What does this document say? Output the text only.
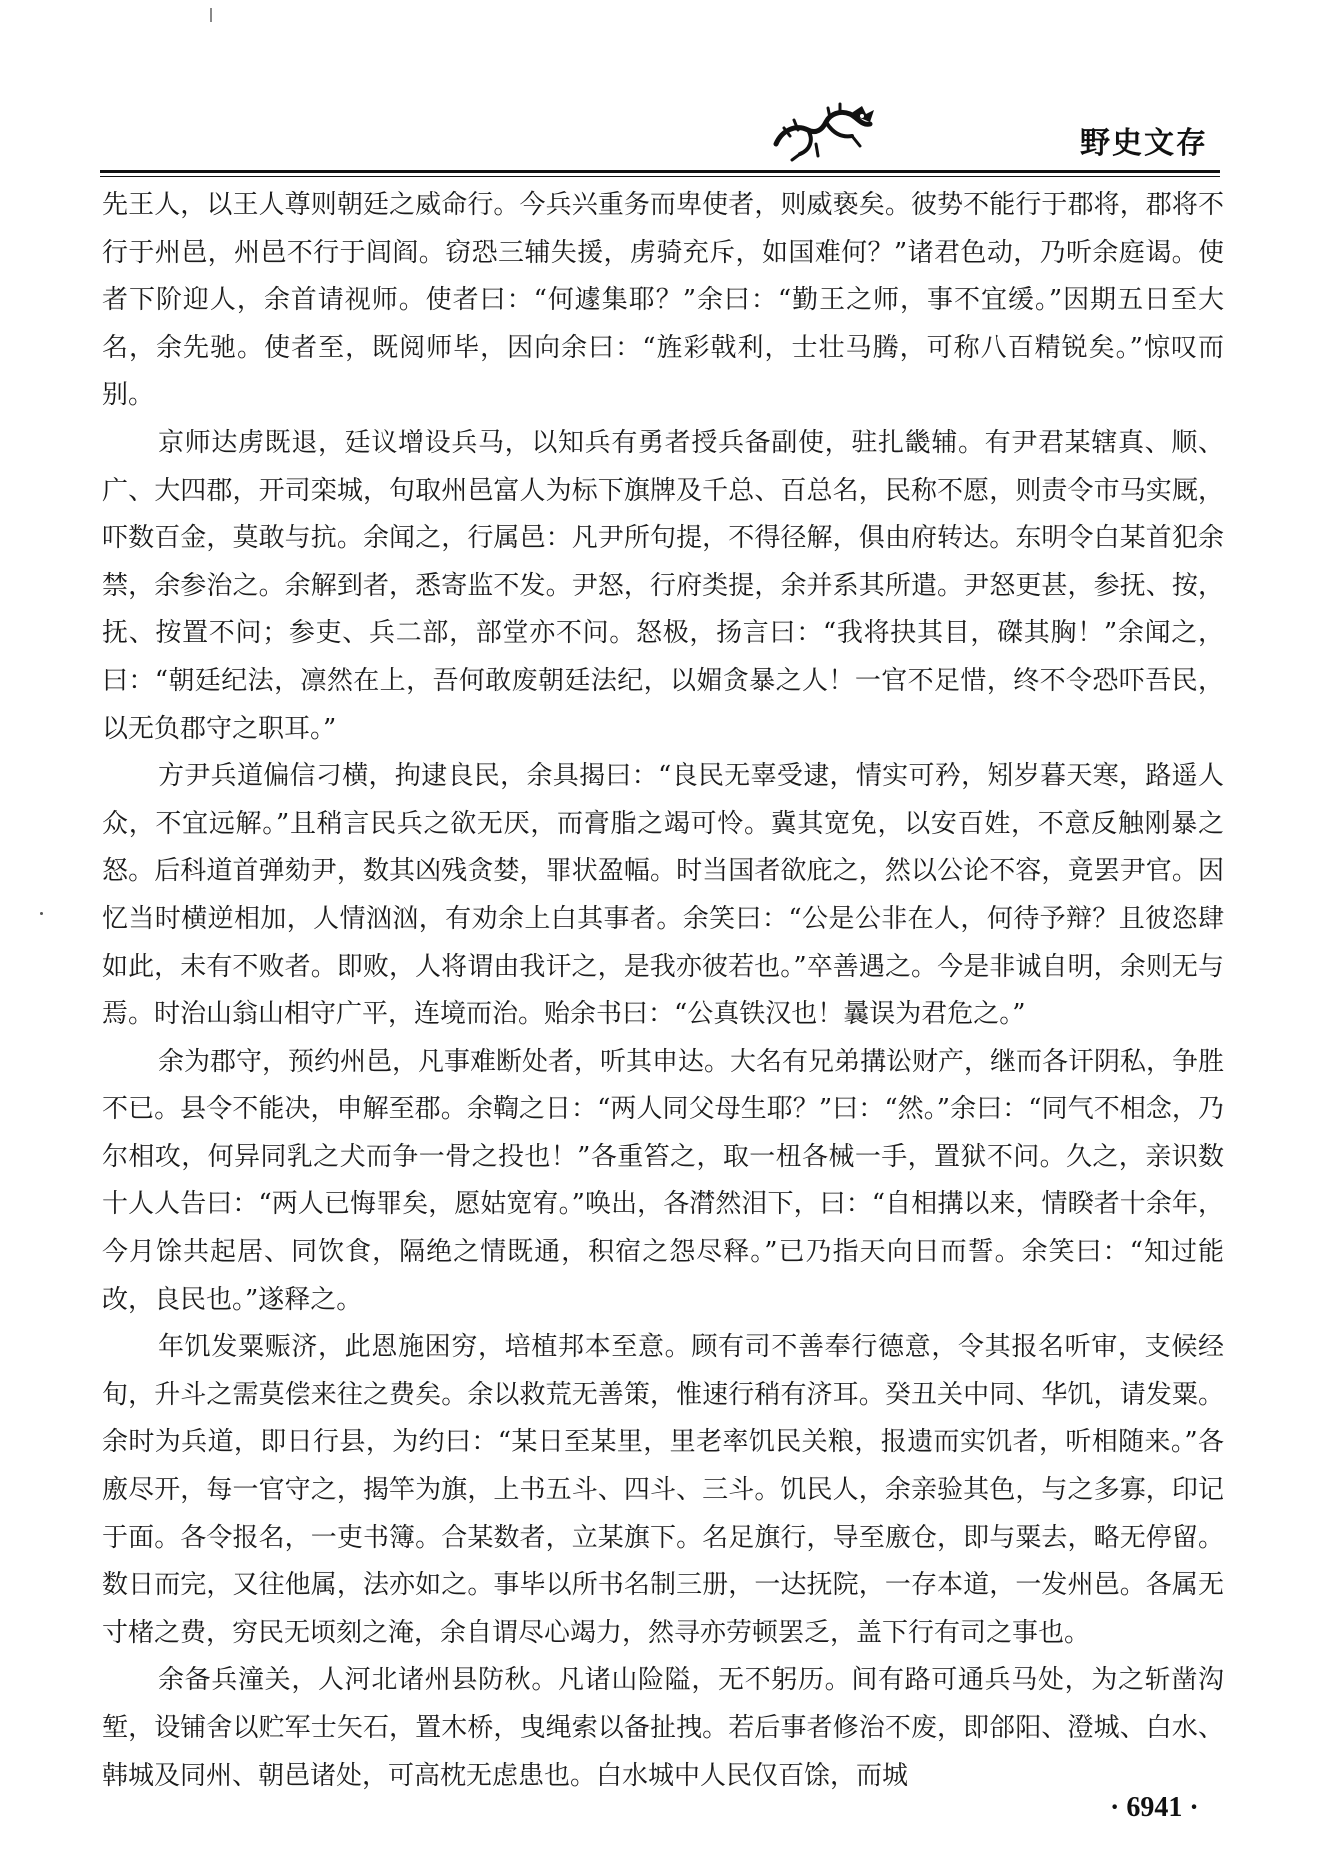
野史文存

先王人，以王人尊则朝廷之威命行。今兵兴重务而卑使者，则威亵矣。彼势不能行于郡将，郡将不行于州邑，州邑不行于闾阎。窃恐三辅失援，虏骑充斥，如国难何？”诸君色动，乃听余庭谒。使者下阶迎人，余首请视师。使者曰：“何遽集耶？”余曰：“勤王之师，事不宜缓。”因期五日至大名，余先驰。使者至，既阅师毕，因向余曰：“旌彩戟利，士壮马腾，可称八百精锐矣。”惊叹而别。

京师达虏既退，廷议增设兵马，以知兵有勇者授兵备副使，驻扎畿辅。有尹君某辖真、顺、广、大四郡，开司栾城，句取州邑富人为标下旗牌及千总、百总名，民称不愿，则责令市马实厩，吓数百金，莫敢与抗。余闻之，行属邑：凡尹所句提，不得径解，俱由府转达。东明令白某首犯余禁，余参治之。余解到者，悉寄监不发。尹怒，行府类提，余并系其所遣。尹怒更甚，参抚、按，抚、按置不问；参吏、兵二部，部堂亦不问。怒极，扬言曰：“我将抉其目，磔其胸！”余闻之，曰：“朝廷纪法，凛然在上，吾何敢废朝廷法纪，以媚贪暴之人！一官不足惜，终不令恐吓吾民，以无负郡守之职耳。”

方尹兵道偏信刁横，拘逮良民，余具揭曰：“良民无辜受逮，情实可矜，矧岁暮天寒，路遥人众，不宜远解。”且稍言民兵之欲无厌，而膏脂之竭可怜。冀其宽免，以安百姓，不意反触刚暴之怒。后科道首弹劾尹，数其凶残贪婪，罪状盈幅。时当国者欲庇之，然以公论不容，竟罢尹官。因忆当时横逆相加，人情汹汹，有劝余上白其事者。余笑曰：“公是公非在人，何待予辩？且彼恣肆如此，未有不败者。即败，人将谓由我讦之，是我亦彼若也。”卒善遇之。今是非诚自明，余则无与焉。时治山翁山相守广平，连境而治。贻余书曰：“公真铁汉也！曩误为君危之。”

余为郡守，预约州邑，凡事难断处者，听其申达。大名有兄弟搆讼财产，继而各讦阴私，争胜不已。县令不能决，申解至郡。余鞫之日：“两人同父母生耶？”曰：“然。”余曰：“同气不相念，乃尔相攻，何异同乳之犬而争一骨之投也！”各重笞之，取一杻各械一手，置狱不问。久之，亲识数十人人告曰：“两人已悔罪矣，愿姑宽宥。”唤出，各潸然泪下，曰：“自相搆以来，情睽者十余年，今月馀共起居、同饮食，隔绝之情既通，积宿之怨尽释。”已乃指天向日而誓。余笑曰：“知过能改，良民也。”遂释之。

年饥发粟赈济，此恩施困穷，培植邦本至意。顾有司不善奉行德意，令其报名听审，支候经旬，升斗之需莫偿来往之费矣。余以救荒无善策，惟速行稍有济耳。癸丑关中同、华饥，请发粟。余时为兵道，即日行县，为约曰：“某日至某里，里老率饥民关粮，报遗而实饥者，听相随来。”各廒尽开，每一官守之，揭竿为旗，上书五斗、四斗、三斗。饥民人，余亲验其色，与之多寡，印记于面。各令报名，一吏书簿。合某数者，立某旗下。名足旗行，导至廒仓，即与粟去，略无停留。数日而完，又往他属，法亦如之。事毕以所书名制三册，一达抚院，一存本道，一发州邑。各属无寸楮之费，穷民无顷刻之淹，余自谓尽心竭力，然寻亦劳顿罢乏，盖下行有司之事也。

余备兵潼关，人河北诸州县防秋。凡诸山险隘，无不躬历。间有路可通兵马处，为之斩凿沟堑，设铺舍以贮军士矢石，置木桥，曳绳索以备扯拽。若后事者修治不废，即郃阳、澄城、白水、韩城及同州、朝邑诸处，可高枕无虑患也。白水城中人民仅百馀，而城

· 6941 ·
